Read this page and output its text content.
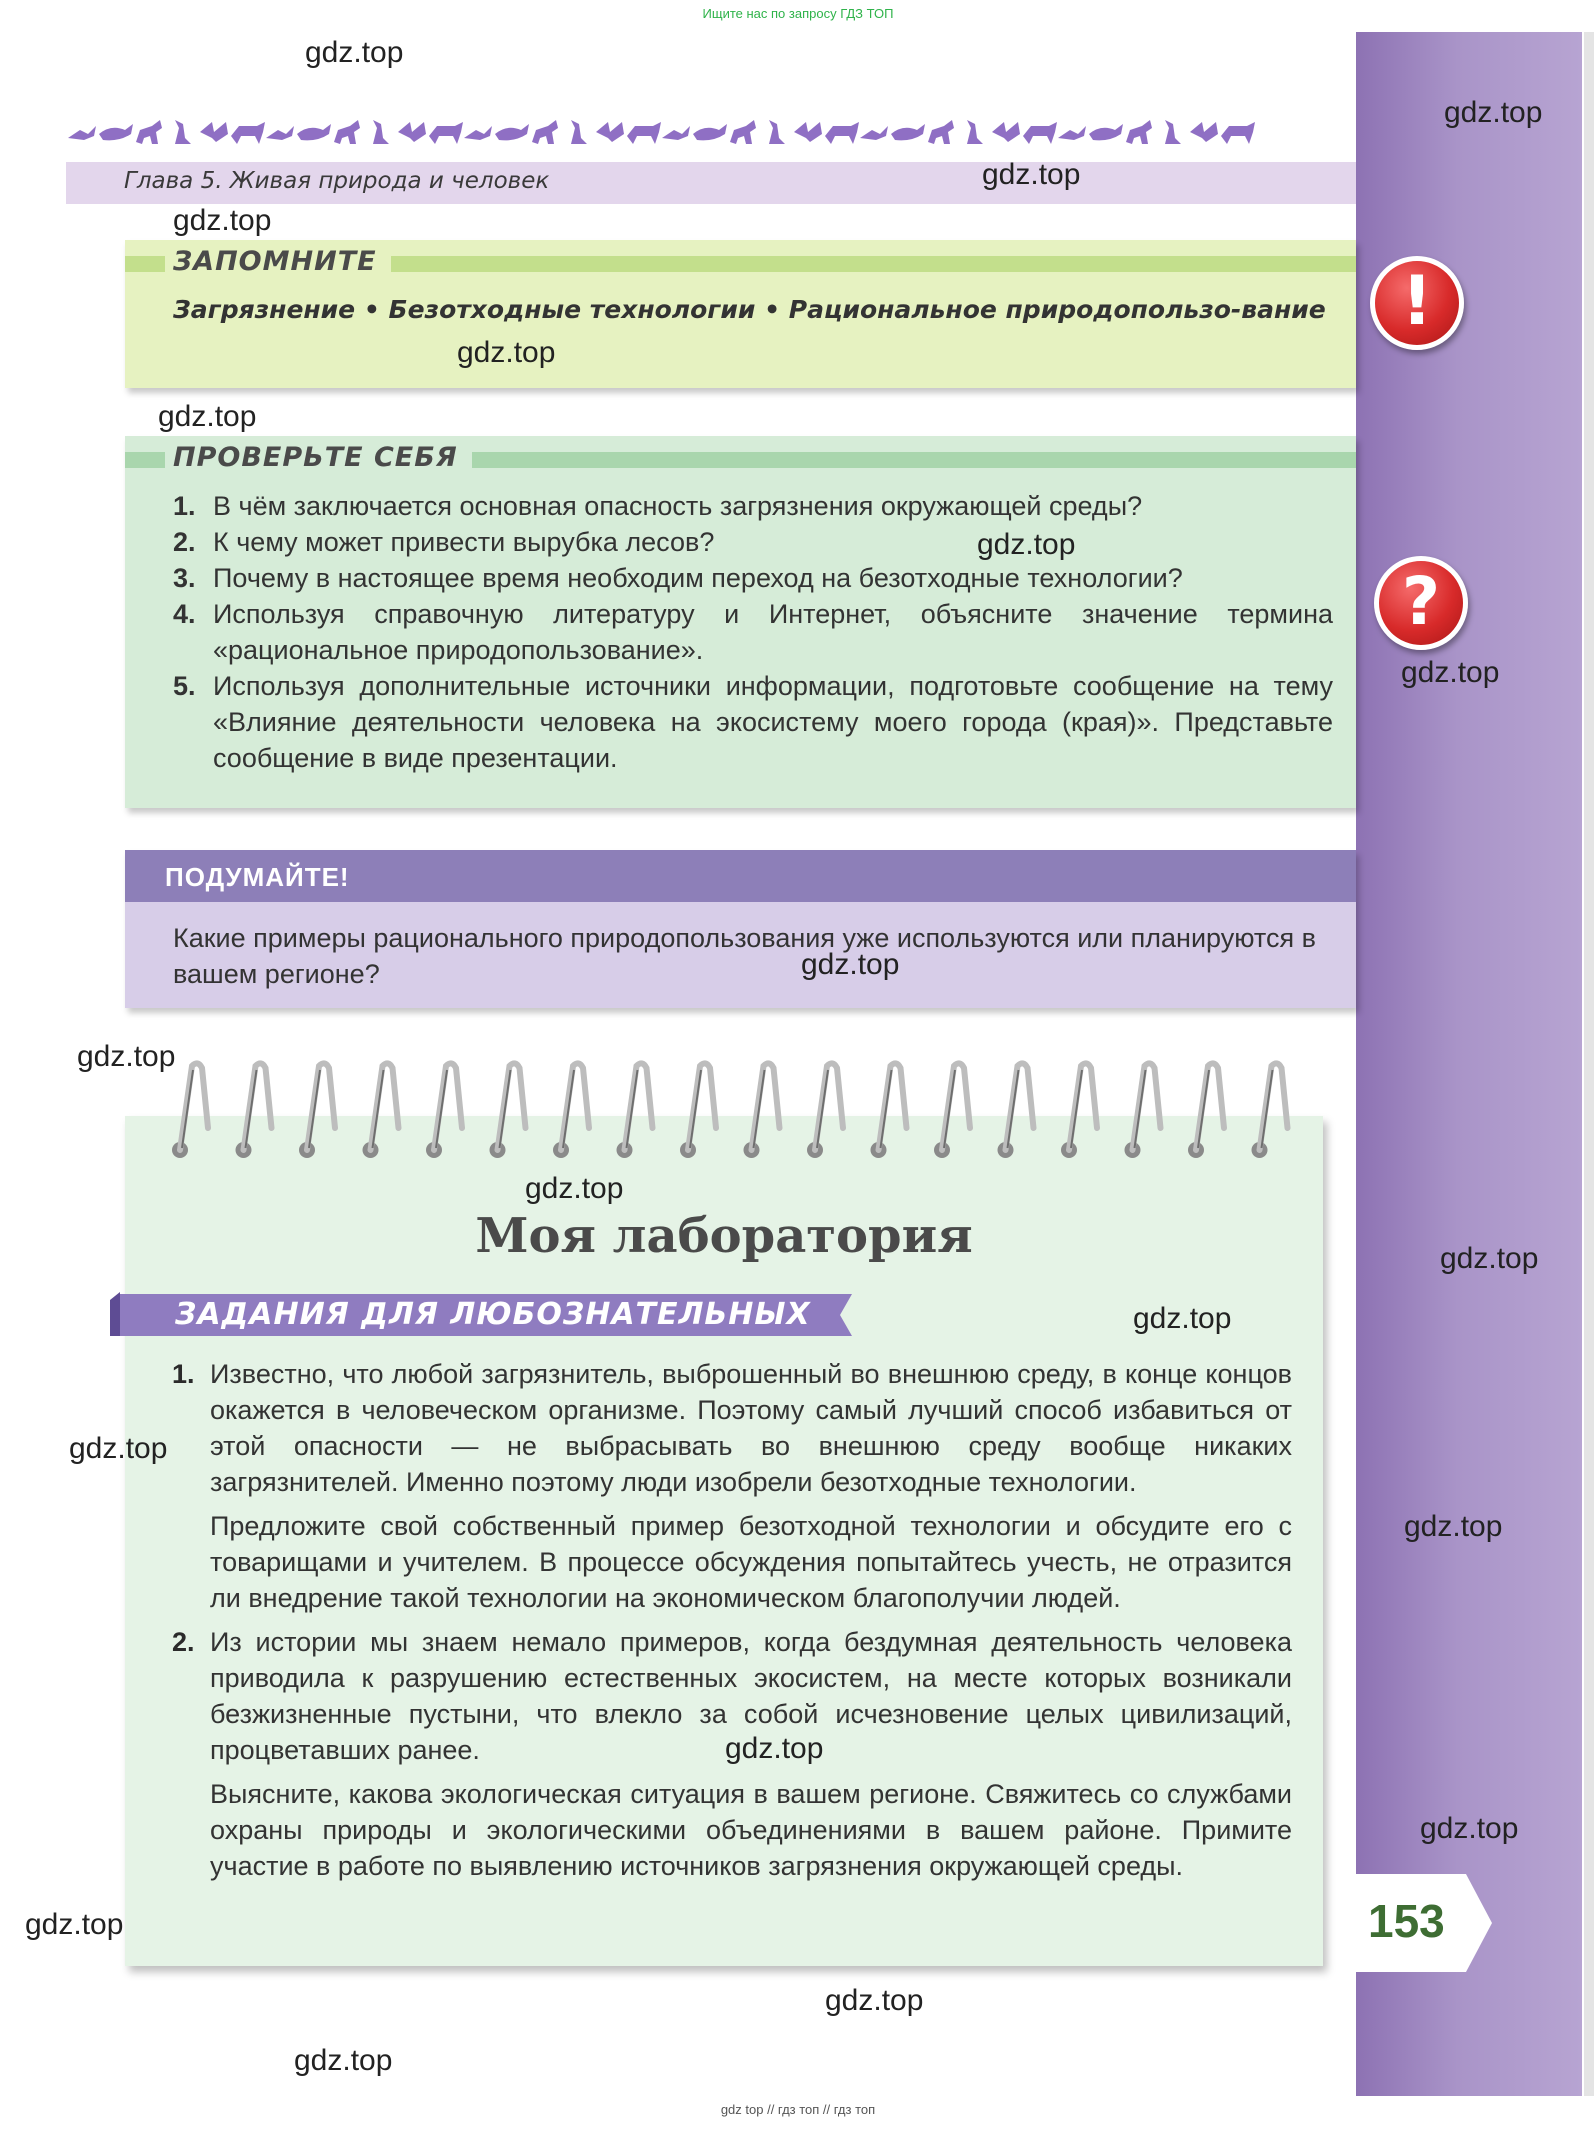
Ищите нас по запросу ГДЗ ТОП
Глава 5. Живая природа и человек
ЗАПОМНИТЕ
Загрязнение • Безотходные технологии • Рациональное природопользо-вание	!
ПРОВЕРЬТЕ СЕБЯ
1. В чём заключается основная опасность загрязнения окружающей среды?
2. К чему может привести вырубка лесов?
3. Почему в настоящее время необходим переход на безотходные технологии?
4. Используя справочную литературу и Интернет, объясните значение термина «рациональное природопользование».
5. Используя дополнительные источники информации, подготовьте сообщение на тему «Влияние деятельности человека на экосистему моего города (края)». Представьте сообщение в виде презентации.
?
ПОДУМАЙТЕ!
Какие примеры рационального природопользования уже используются или планируются в вашем регионе?
Моя лаборатория
ЗАДАНИЯ ДЛЯ ЛЮБОЗНАТЕЛЬНЫХ
1. Известно, что любой загрязнитель, выброшенный во внешнюю среду, в конце концов окажется в человеческом организме. Поэтому самый лучший способ избавиться от этой опасности — не выбрасывать во внешнюю среду вообще никаких загрязнителей. Именно поэтому люди изобрели безотходные технологии.

Предложите свой собственный пример безотходной технологии и обсудите его с товарищами и учителем. В процессе обсуждения попытайтесь учесть, не отразится ли внедрение такой технологии на экономическом благополучии людей.

2. Из истории мы знаем немало примеров, когда бездумная деятельность человека приводила к разрушению естественных экосистем, на месте которых возникали безжизненные пустыни, что влекло за собой исчезновение целых цивилизаций, процветавших ранее.

Выясните, какова экологическая ситуация в вашем регионе. Свяжитесь со службами охраны природы и экологическими объединениями в вашем районе. Примите участие в работе по выявлению источников загрязнения окружающей среды.

153
gdz.top
gdz.top
gdz.top
gdz.top
gdz.top
gdz.top
gdz.top
gdz.top
gdz.top
gdz.top
gdz.top
gdz.top
gdz.top
gdz.top
gdz.top
gdz.top
gdz.top
gdz.top
gdz.top
gdz.top
gdz top // гдз топ // гдз топ
